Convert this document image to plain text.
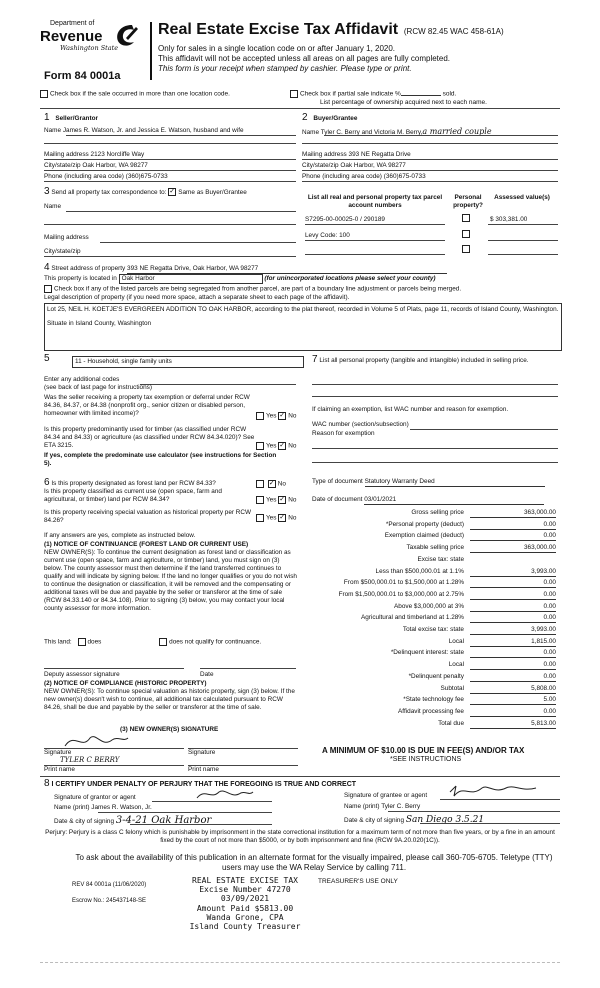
Department of
Revenue
Washington State
Form 84 0001a
Real Estate Excise Tax Affidavit (RCW 82.45 WAC 458-61A)
Only for sales in a single location code on or after January 1, 2020.
This affidavit will not be accepted unless all areas on all pages are fully completed.
This form is your receipt when stamped by cashier. Please type or print.
Check box if the sale occurred in more than one location code.	Check box if partial sale indicate %	sold.
List percentage of ownership acquired next to each name.
1 Seller/Grantor
Name James R. Watson, Jr. and Jessica E. Watson, husband and wife
Mailing address 2123 Norcliffe Way
City/state/zip Oak Harbor, WA 98277
Phone (including area code) (360)675-0733
2 Buyer/Grantee
Name Tyler C. Berry and Victoria M. Berry,a married couple
Mailing address 393 NE Regatta Drive
City/state/zip Oak Harbor, WA 98277
Phone (including area code) (360)675-0733
3 Send all property tax correspondence to: ✓ Same as Buyer/Grantee
Name
Mailing address
City/state/zip
List all real and personal property tax parcel account numbers
Personal property?
Assessed value(s)
S7295-00-00025-0 / 290189	$ 303,381.00
Levy Code: 100
4 Street address of property 393 NE Regatta Drive, Oak Harbor, WA 98277
This property is located in Oak Harbor	(for unincorporated locations please select your county)
Check box if any of the listed parcels are being segregated from another parcel, are part of a boundary line adjustment or parcels being merged.
Legal description of property (if you need more space, attach a separate sheet to each page of the affidavit).
Lot 25, NEIL H. KOETJE'S EVERGREEN ADDITION TO OAK HARBOR, according to the plat thereof, recorded in Volume 5 of Plats, page 11, records of Island County, Washington.
Situate in Island County, Washington
5	11 - Household, single family units
Enter any additional codes
(see back of last page for instructions)
Was the seller receiving a property tax exemption or deferral under RCW 84.36, 84.37, or 84.38 (nonprofit org., senior citizen or disabled person, homeowner with limited income)?	Yes ✓ No
Is this property predominantly used for timber (as classified under RCW 84.34 and 84.33) or agriculture (as classified under RCW 84.34.020)? See ETA 3215.	Yes ✓ No
If yes, complete the predominate use calculator (see instructions for Section 5).
6 Is this property designated as forest land per RCW 84.33? ✓	No
Is this property classified as current use (open space, farm and agricultural, or timber) land per RCW 84.34?	Yes ✓ No
Is this property receiving special valuation as historical property per RCW 84.26?	Yes ✓ No
If any answers are yes, complete as instructed below.
(1) NOTICE OF CONTINUANCE (FOREST LAND OR CURRENT USE)
NEW OWNER(S): To continue the current designation as forest land or classification as current use (open space, farm and agriculture, or timber) land, you must sign on (3) below. The county assessor must then determine if the land transferred continues to qualify and will indicate by signing below. If the land no longer qualifies or you do not wish to continue the designation or classification, it will be removed and the compensating or additional taxes will be due and payable by the seller or transferor at the time of sale (RCW 84.33.140 or 84.34.108). Prior to signing (3) below, you may contact your local county assessor for more information.
This land: does	does not qualify for continuance.
Deputy assessor signature	Date
(2) NOTICE OF COMPLIANCE (HISTORIC PROPERTY)
NEW OWNER(S): To continue special valuation as historic property, sign (3) below. If the new owner(s) doesn't wish to continue, all additional tax calculated pursuant to RCW 84.26, shall be due and payable by the seller or transferor at the time of sale.
(3) NEW OWNER(S) SIGNATURE
Signature	Signature
TYLER C BERRY
Print name	Print name
7 List all personal property (tangible and intangible) included in selling price.
If claiming an exemption, list WAC number and reason for exemption.
WAC number (section/subsection)
Reason for exemption
Type of document Statutory Warranty Deed
Date of document 03/01/2021
Gross selling price	363,000.00
*Personal property (deduct)	0.00
Exemption claimed (deduct)	0.00
Taxable selling price	363,000.00
Excise tax: state
Less than $500,000.01 at 1.1%	3,993.00
From $500,000.01 to $1,500,000 at 1.28%	0.00
From $1,500,000.01 to $3,000,000 at 2.75%	0.00
Above $3,000,000 at 3%	0.00
Agricultural and timberland at 1.28%	0.00
Total excise tax: state	3,993.00
Local	1,815.00
*Delinquent interest: state	0.00
Local	0.00
*Delinquent penalty	0.00
Subtotal	5,808.00
*State technology fee	5.00
Affidavit processing fee	0.00
Total due	5,813.00
A MINIMUM OF $10.00 IS DUE IN FEE(S) AND/OR TAX
*SEE INSTRUCTIONS
8 I CERTIFY UNDER PENALTY OF PERJURY THAT THE FOREGOING IS TRUE AND CORRECT
Signature of grantor or agent
Name (print) James R. Watson, Jr.
Date & city of signing 3-4-21 Oak Harbor
Signature of grantee or agent
Name (print) Tyler C. Berry
Date & city of signing San Diego 3.5.21
Perjury: Perjury is a class C felony which is punishable by imprisonment in the state correctional institution for a maximum term of not more than five years, or by a fine in an amount fixed by the court of not more than $5000, or by both imprisonment and fine (RCW 9A.20.020(1C)).
To ask about the availability of this publication in an alternate format for the visually impaired, please call 360-705-6705. Teletype (TTY) users may use the WA Relay Service by calling 711.
REV 84 0001a (11/06/2020)
Escrow No.: 245437148-SE
REAL ESTATE EXCISE TAX
Excise Number 47270
03/09/2021
Amount Paid $5813.00
Wanda Grone, CPA
Island County Treasurer
TREASURER'S USE ONLY
